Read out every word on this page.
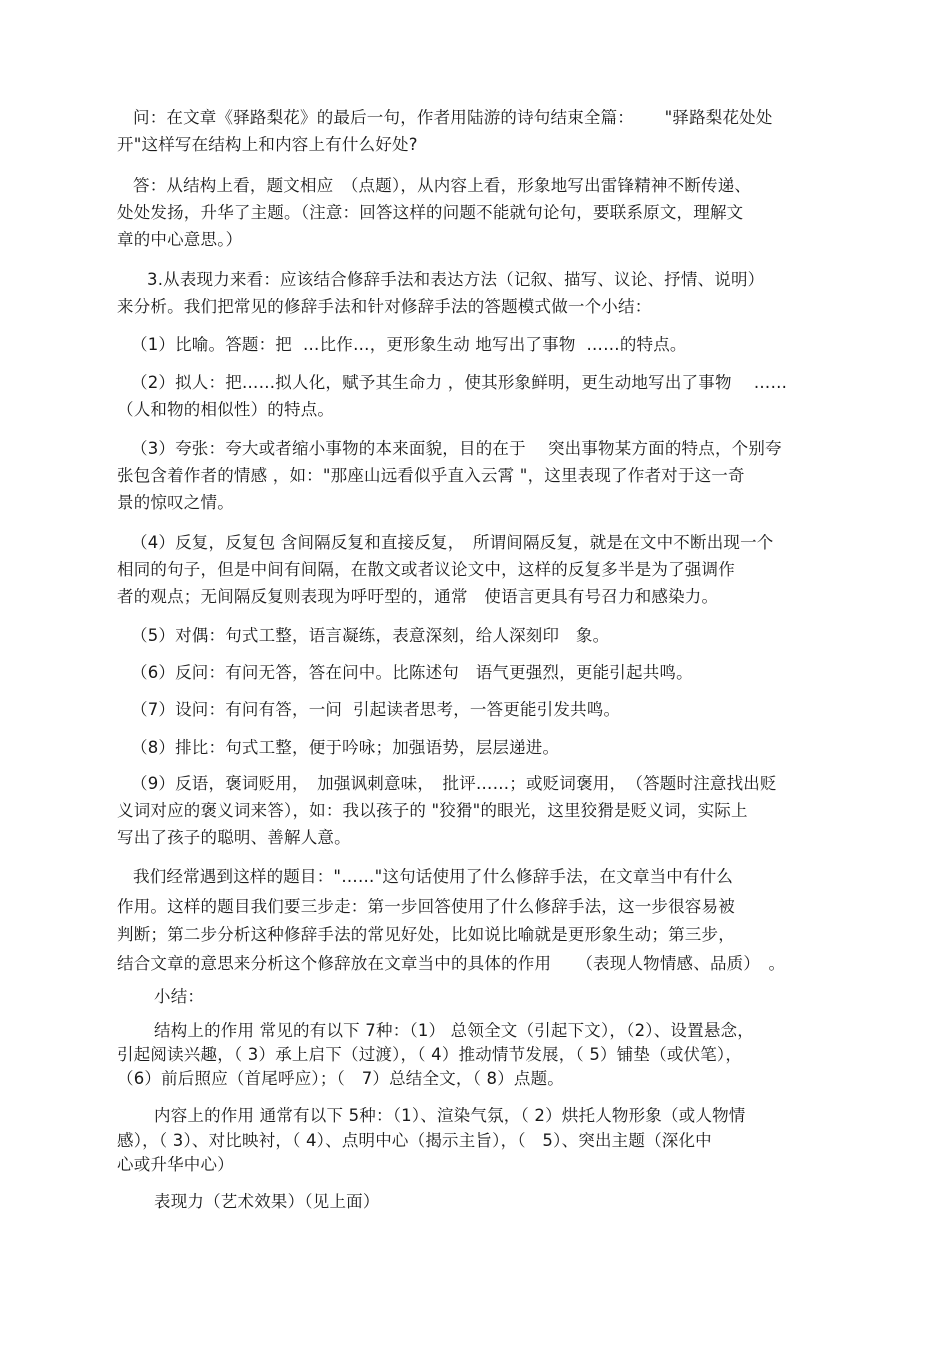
问：在文章《驿路梨花》的最后一句，作者用陆游的诗句结束全篇：　　 "驿路梨花处处
开"这样写在结构上和内容上有什么好处?
答：从结构上看，题文相应　（点题），从内容上看，形象地写出雷锋精神不断传递、
处处发扬，升华了主题。（注意：回答这样的问题不能就句论句，要联系原文，理解文
章的中心意思。）
3.从表现力来看：应该结合修辞手法和表达方法（记叙、描写、议论、抒情、说明）
来分析。我们把常见的修辞手法和针对修辞手法的答题模式做一个小结：
（1）比喻。答题：把  …比作…，更形象生动 地写出了事物  ……的特点。
（2）拟人：把……拟人化，赋予其生命力 ，使其形象鲜明，更生动地写出了事物　 ……
（人和物的相似性）的特点。
（3）夸张：夸大或者缩小事物的本来面貌，目的在于　 突出事物某方面的特点，个别夸
张包含着作者的情感 ，如："那座山远看似乎直入云霄 "，这里表现了作者对于这一奇
景的惊叹之情。
（4）反复，反复包 含间隔反复和直接反复，　所谓间隔反复，就是在文中不断出现一个
相同的句子，但是中间有间隔，在散文或者议论文中，这样的反复多半是为了强调作
者的观点；无间隔反复则表现为呼吁型的，通常　使语言更具有号召力和感染力。
（5）对偶：句式工整，语言凝练，表意深刻，给人深刻印　象。
（6）反问：有问无答，答在问中。比陈述句　语气更强烈，更能引起共鸣。
（7）设问：有问有答，一问  引起读者思考，一答更能引发共鸣。
（8）排比：句式工整，便于吟咏；加强语势，层层递进。
（9）反语，褒词贬用，　加强讽刺意味，　批评……；或贬词褒用，　（答题时注意找出贬
义词对应的褒义词来答），如：我以孩子的 "狡猾"的眼光，这里狡猾是贬义词，实际上
写出了孩子的聪明、善解人意。
我们经常遇到这样的题目："……"这句话使用了什么修辞手法，在文章当中有什么
作用。这样的题目我们要三步走：第一步回答使用了什么修辞手法，这一步很容易被
判断；第二步分析这种修辞手法的常见好处，比如说比喻就是更形象生动；第三步，
结合文章的意思来分析这个修辞放在文章当中的具体的作用　　（表现人物情感、品质）　。
小结：
结构上的作用 常见的有以下 7种：（1） 总领全文（引起下文），（2）、设置悬念，
引起阅读兴趣，（ 3）承上启下（过渡），（ 4）推动情节发展，（ 5）铺垫（或伏笔），
（6）前后照应（首尾呼应）；（　7）总结全文，（ 8）点题。
内容上的作用 通常有以下 5种：（1）、渲染气氛，（ 2）烘托人物形象（或人物情
感），（ 3）、对比映衬，（ 4）、点明中心（揭示主旨），（　5）、突出主题（深化中
心或升华中心）
表现力（艺术效果）（见上面）
